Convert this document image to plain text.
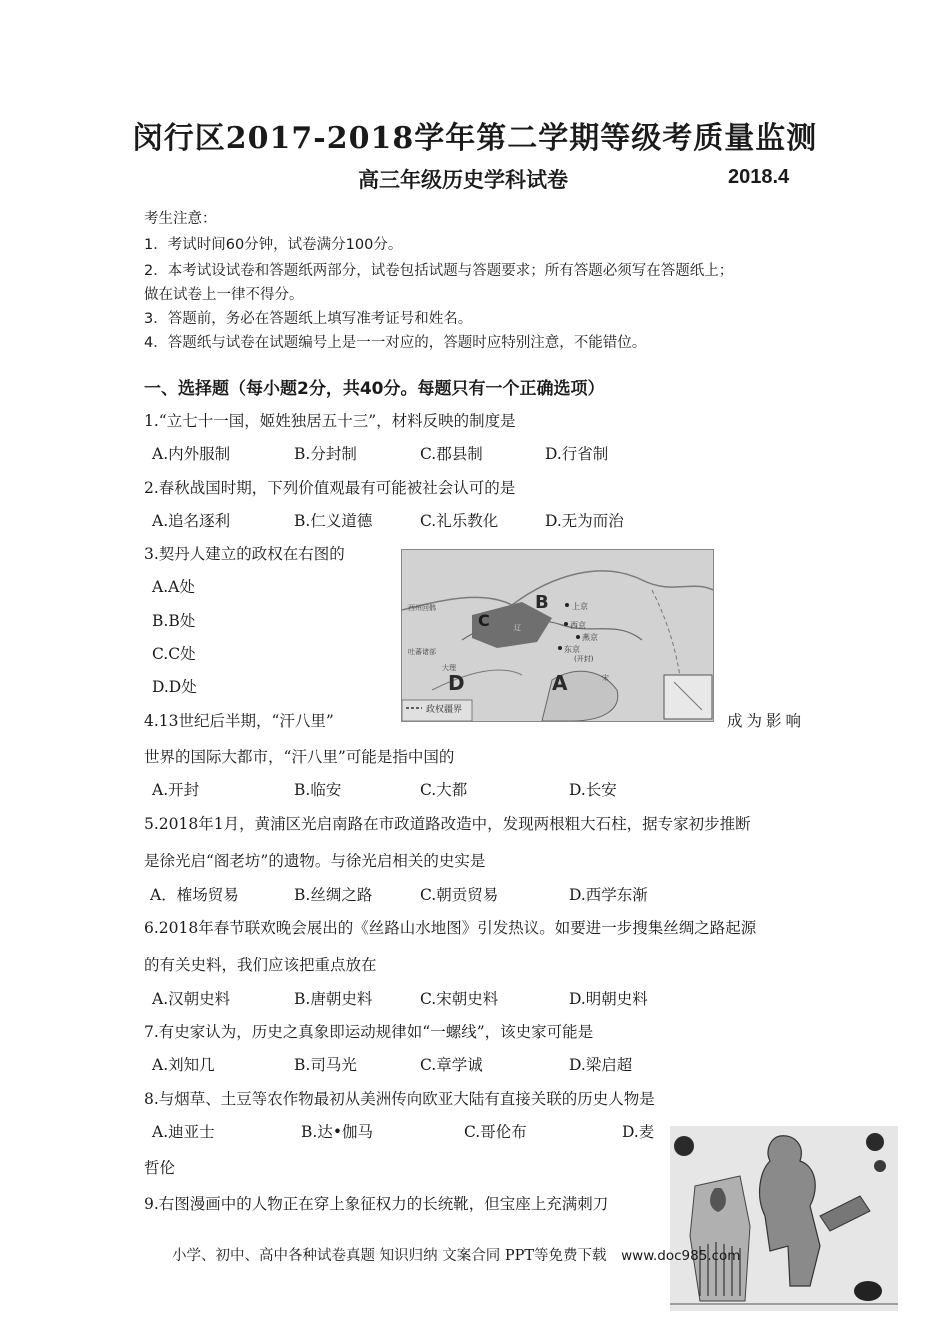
闵行区2017-2018学年第二学期等级考质量监测
高三年级历史学科试卷	2018.4
考生注意：
1．考试时间60分钟，试卷满分100分。
2．本考试设试卷和答题纸两部分，试卷包括试题与答题要求；所有答题必须写在答题纸上；
做在试卷上一律不得分。
3．答题前，务必在答题纸上填写准考证号和姓名。
4．答题纸与试卷在试题编号上是一一对应的，答题时应特别注意，不能错位。
一、选择题（每小题2分，共40分。每题只有一个正确选项）
1.“立七十一国，姬姓独居五十三”，材料反映的制度是
A.内外服制	B.分封制	C.郡县制	D.行省制
2.春秋战国时期，下列价值观最有可能被社会认可的是
A.追名逐利	B.仁义道德	C.礼乐教化	D.无为而治
3.契丹人建立的政权在右图的
A.A处
B.B处
C.C处
D.D处
政权疆界
B
C
D	A
上京
西京
燕京
东京
(开封)
西州回鹘
吐蕃诸部
大理
辽
宋
4.13世纪后半期，“汗八里”	成为影响
世界的国际大都市，“汗八里”可能是指中国的
A.开封	B.临安	C.大都	D.长安
5.2018年1月，黄浦区光启南路在市政道路改造中，发现两根粗大石柱，据专家初步推断
是徐光启“阁老坊”的遗物。与徐光启相关的史实是
A．榷场贸易	B.丝绸之路	C.朝贡贸易	D.西学东渐
6.2018年春节联欢晚会展出的《丝路山水地图》引发热议。如要进一步搜集丝绸之路起源
的有关史料，我们应该把重点放在
A.汉朝史料	B.唐朝史料	C.宋朝史料	D.明朝史料
7.有史家认为，历史之真象即运动规律如“一螺线”，该史家可能是
A.刘知几	B.司马光	C.章学诚	D.梁启超
8.与烟草、土豆等农作物最初从美洲传向欧亚大陆有直接关联的历史人物是
A.迪亚士	B.达•伽马	C.哥伦布	D.麦
哲伦
9.右图漫画中的人物正在穿上象征权力的长统靴，但宝座上充满刺刀
小学、初中、高中各种试卷真题 知识归纳 文案合同 PPT等免费下载 www.doc985.com
